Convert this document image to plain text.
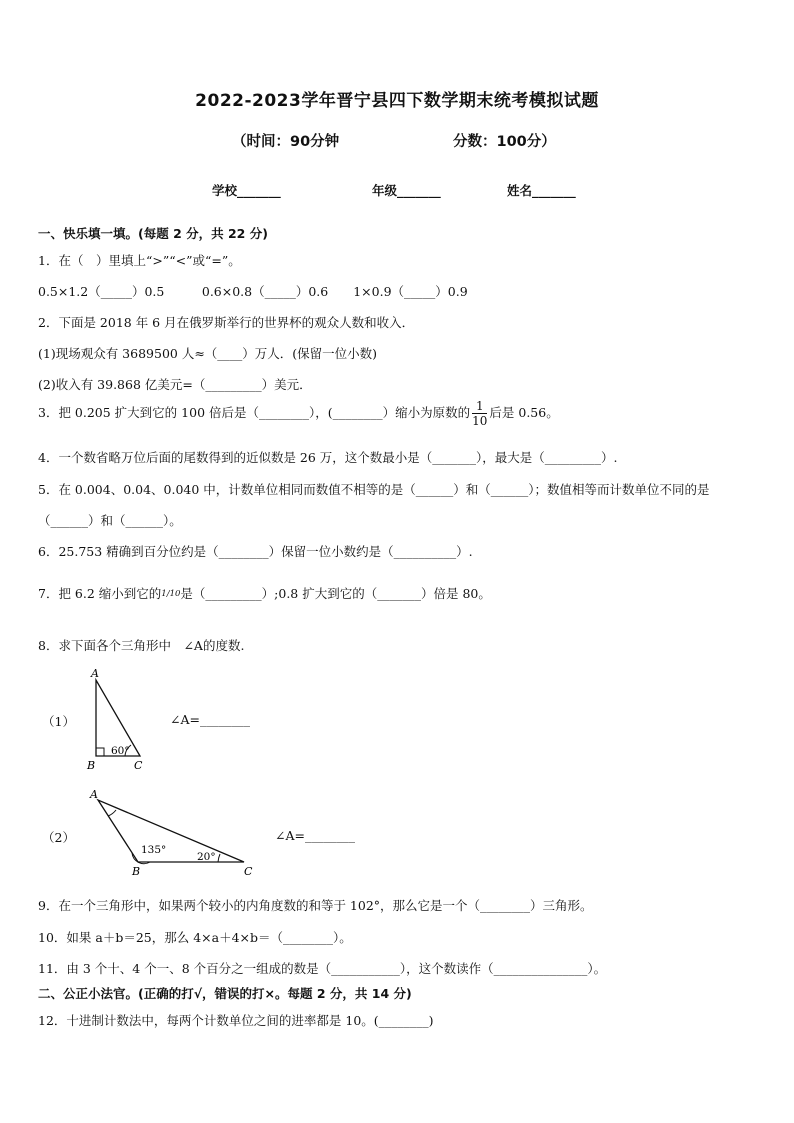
2022-2023学年晋宁县四下数学期末统考模拟试题
（时间：90分钟	分数：100分）
学校_______	年级_______	姓名_______
一、快乐填一填。(每题 2 分，共 22 分)
1．在（　）里填上“>”“<”或“=”。
0.5×1.2（_____）0.5　　　0.6×0.8（_____）0.6　　1×0.9（_____）0.9
2．下面是 2018 年 6 月在俄罗斯举行的世界杯的观众人数和收入．
(1)现场观众有 3689500 人≈（____）万人．(保留一位小数)
(2)收入有 39.868 亿美元=（_________）美元．
3．把 0.205 扩大到它的 100 倍后是（________），(________）缩小为原数的 $\frac{1}{10}$ 后是 0.56。
4．一个数省略万位后面的尾数得到的近似数是 26 万，这个数最小是（_______），最大是（_________）.
5．在 0.004、0.04、0.040 中，计数单位相同而数值不相等的是（______）和（______）；数值相等而计数单位不同的是
（______）和（______）。
6．25.753 精确到百分位约是（________）保留一位小数约是（__________）.
7．把 6.2 缩小到它的1/10是（_________）;0.8 扩大到它的（_______）倍是 80。
8．求下面各个三角形中　∠A的度数.
（1）
A
B	C
60°
∠A=________
（2）
A
B	C
135°
20°
∠A=________
9．在一个三角形中，如果两个较小的内角度数的和等于 102°，那么它是一个（________）三角形。
10．如果 a＋b＝25，那么 4×a＋4×b＝（________）。
11．由 3 个十、4 个一、8 个百分之一组成的数是（___________），这个数读作（_______________）。
二、公正小法官。(正确的打√，错误的打×。每题 2 分，共 14 分)
12．十进制计数法中，每两个计数单位之间的进率都是 10。(________)
